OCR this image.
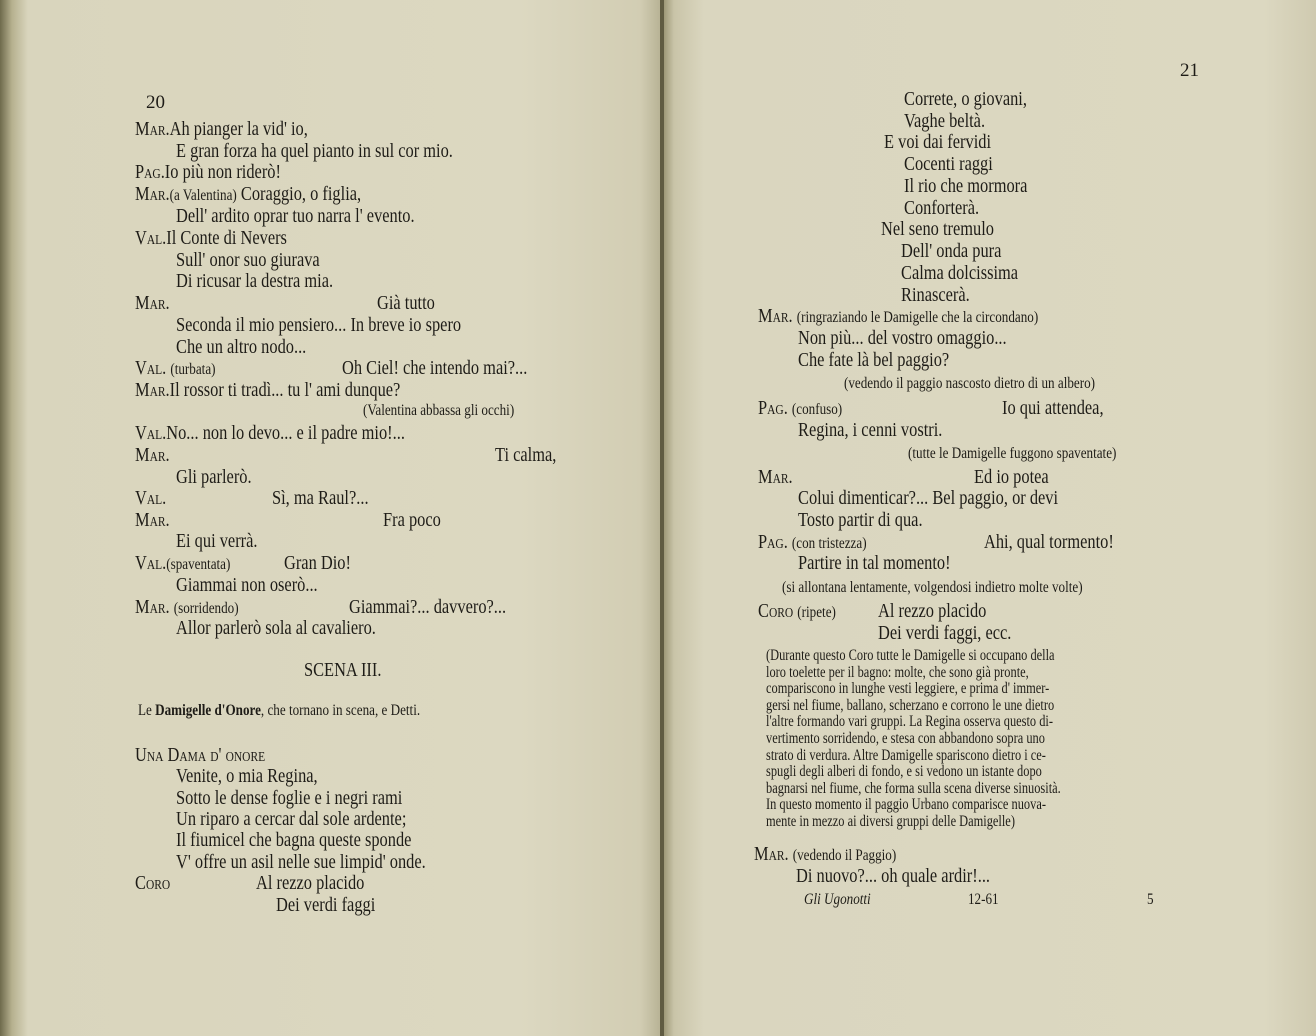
20
Mar.Ah pianger la vid' io,
E gran forza ha quel pianto in sul cor mio.
Pag.Io più non riderò!
Mar.(a Valentina) Coraggio, o figlia,
Dell' ardito oprar tuo narra l' evento.
Val.Il Conte di Nevers
Sull' onor suo giurava
Di ricusar la destra mia.
Mar.	Già tutto
Seconda il mio pensiero... In breve io spero
Che un altro nodo...
Val. (turbata)	Oh Ciel! che intendo mai?...
Mar.Il rossor ti tradì... tu l' ami dunque?
(Valentina abbassa gli occhi)
Val.No... non lo devo... e il padre mio!...
Mar.	Ti calma,
Gli parlerò.
Val.	Sì, ma Raul?...
Mar.	Fra poco
Ei qui verrà.
Val.(spaventata)	Gran Dio!
Giammai non oserò...
Mar. (sorridendo)	Giammai?... davvero?...
Allor parlerò sola al cavaliero.
SCENA III.
Le Damigelle d'Onore, che tornano in scena, e Detti.
Una Dama d' onore
Venite, o mia Regina,
Sotto le dense foglie e i negri rami
Un riparo a cercar dal sole ardente;
Il fiumicel che bagna queste sponde
V' offre un asil nelle sue limpid' onde.
Coro	Al rezzo placido
Dei verdi faggi
21
Correte, o giovani,
Vaghe beltà.
E voi dai fervidi
Cocenti raggi
Il rio che mormora
Conforterà.
Nel seno tremulo
Dell' onda pura
Calma dolcissima
Rinascerà.
Mar. (ringraziando le Damigelle che la circondano)
Non più... del vostro omaggio...
Che fate là bel paggio?
(vedendo il paggio nascosto dietro di un albero)
Pag. (confuso)	Io qui attendea,
Regina, i cenni vostri.
(tutte le Damigelle fuggono spaventate)
Mar.	Ed io potea
Colui dimenticar?... Bel paggio, or devi
Tosto partir di qua.
Pag. (con tristezza)	Ahi, qual tormento!
Partire in tal momento!
(si allontana lentamente, volgendosi indietro molte volte)
Coro (ripete) Al rezzo placido
Dei verdi faggi, ecc.
(Durante questo Coro tutte le Damigelle si occupano della
loro toelette per il bagno: molte, che sono già pronte,
compariscono in lunghe vesti leggiere, e prima d' immer-
gersi nel fiume, ballano, scherzano e corrono le une dietro
l'altre formando vari gruppi. La Regina osserva questo di-
vertimento sorridendo, e stesa con abbandono sopra uno
strato di verdura. Altre Damigelle spariscono dietro i ce-
spugli degli alberi di fondo, e si vedono un istante dopo
bagnarsi nel fiume, che forma sulla scena diverse sinuosità.
In questo momento il paggio Urbano comparisce nuova-
mente in mezzo ai diversi gruppi delle Damigelle)
Mar. (vedendo il Paggio)
Di nuovo?... oh quale ardir!...
Gli Ugonotti	12-61	5
